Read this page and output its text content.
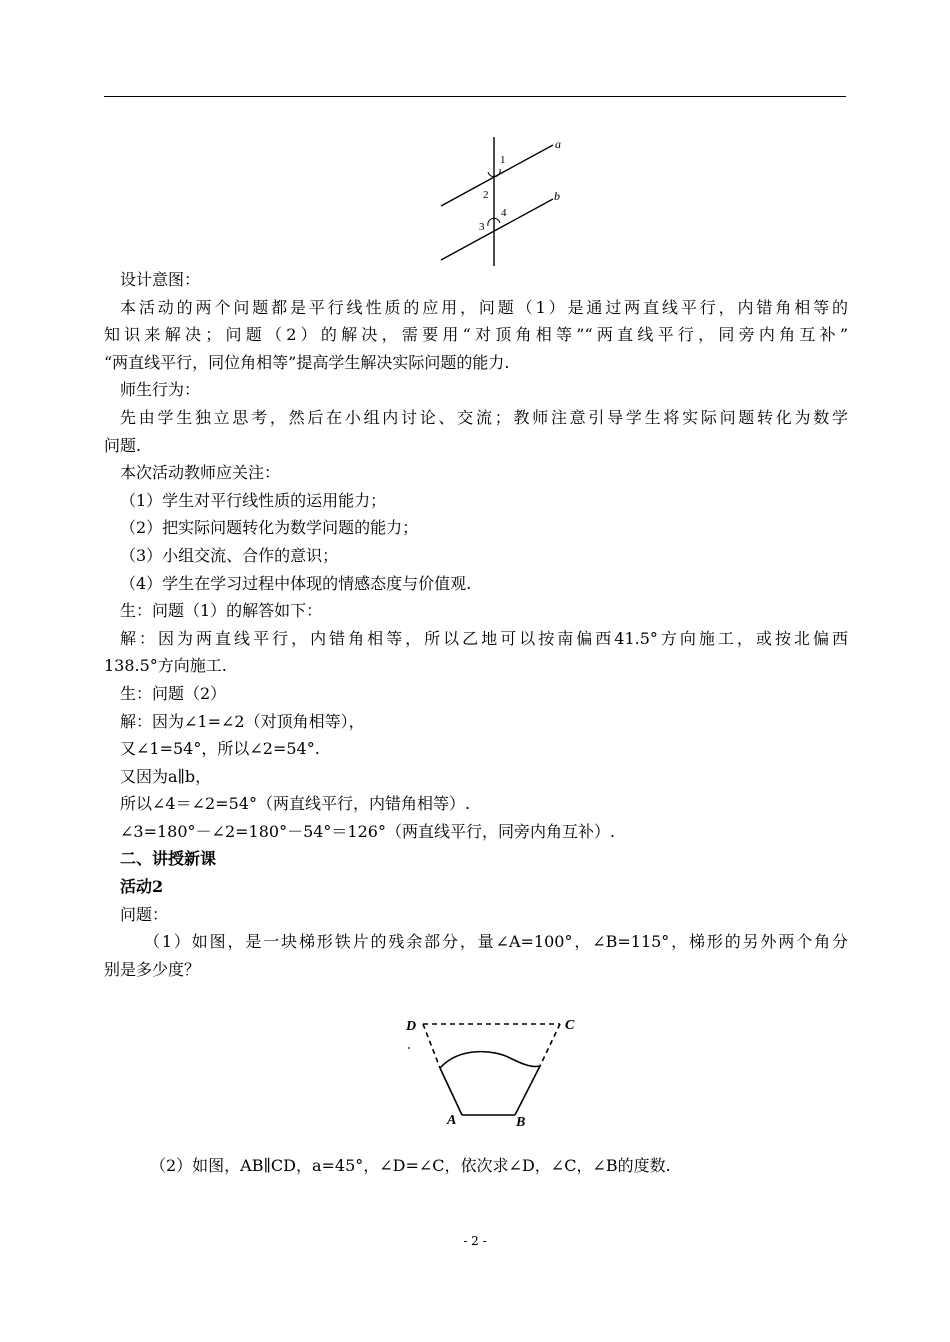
a
b
1
2
3
4

设计意图：

本活动的两个问题都是平行线性质的应用，问题（1）是通过两直线平行，内错角相等的

知识来解决；问题（2）的解决，需要用“对顶角相等”“两直线平行，同旁内角互补”

“两直线平行，同位角相等”提高学生解决实际问题的能力.

师生行为：

先由学生独立思考，然后在小组内讨论、交流；教师注意引导学生将实际问题转化为数学

问题.

本次活动教师应关注：

（1）学生对平行线性质的运用能力；

（2）把实际问题转化为数学问题的能力；

（3）小组交流、合作的意识；

（4）学生在学习过程中体现的情感态度与价值观.

生：问题（1）的解答如下：

解：因为两直线平行，内错角相等，所以乙地可以按南偏西41.5°方向施工，或按北偏西

138.5°方向施工.

生：问题（2）

解：因为∠1=∠2（对顶角相等），

又∠1=54°，所以∠2=54°.

又因为a∥b，

所以∠4＝∠2=54°（两直线平行，内错角相等）.

∠3=180°－∠2=180°－54°＝126°（两直线平行，同旁内角互补）.

二、讲授新课

活动2

问题：

（1）如图，是一块梯形铁片的残余部分，量∠A=100°，∠B=115°，梯形的另外两个角分

别是多少度？

D	C
A	B

（2）如图，AB∥CD，a=45°，∠D=∠C，依次求∠D，∠C，∠B的度数.

- 2 -
